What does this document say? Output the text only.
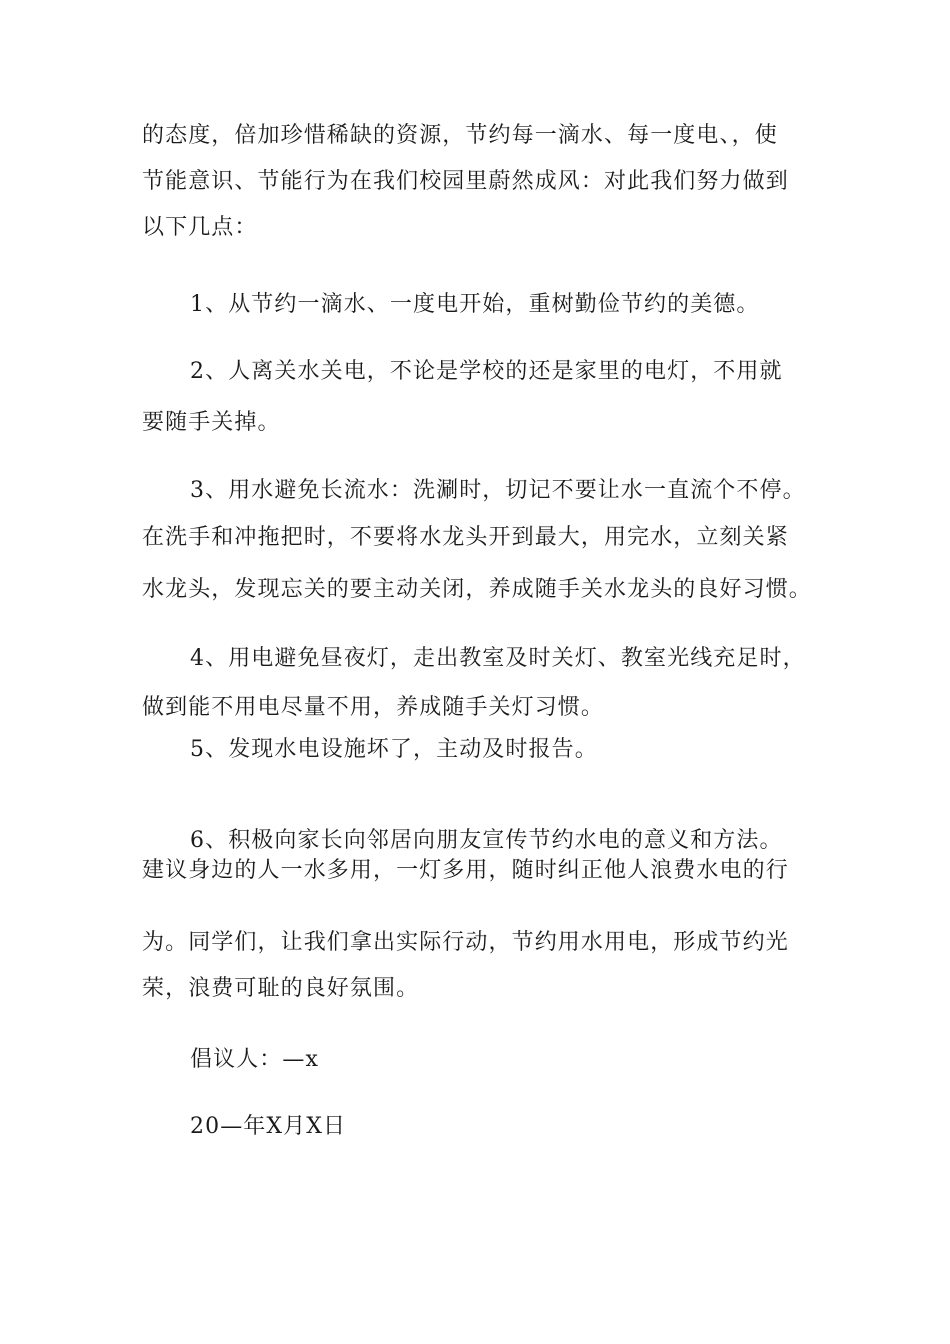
的态度，倍加珍惜稀缺的资源，节约每一滴水、每一度电、，使
节能意识、节能行为在我们校园里蔚然成风：对此我们努力做到
以下几点：
1、从节约一滴水、一度电开始，重树勤俭节约的美德。
2、人离关水关电，不论是学校的还是家里的电灯，不用就
要随手关掉。
3、用水避免长流水：洗涮时，切记不要让水一直流个不停。
在洗手和冲拖把时，不要将水龙头开到最大，用完水，立刻关紧
水龙头，发现忘关的要主动关闭，养成随手关水龙头的良好习惯。
4、用电避免昼夜灯，走出教室及时关灯、教室光线充足时，
做到能不用电尽量不用，养成随手关灯习惯。
5、发现水电设施坏了，主动及时报告。
6、积极向家长向邻居向朋友宣传节约水电的意义和方法。
建议身边的人一水多用，一灯多用，随时纠正他人浪费水电的行
为。同学们，让我们拿出实际行动，节约用水用电，形成节约光
荣，浪费可耻的良好氛围。
倡议人：—x
20—年X月X日
